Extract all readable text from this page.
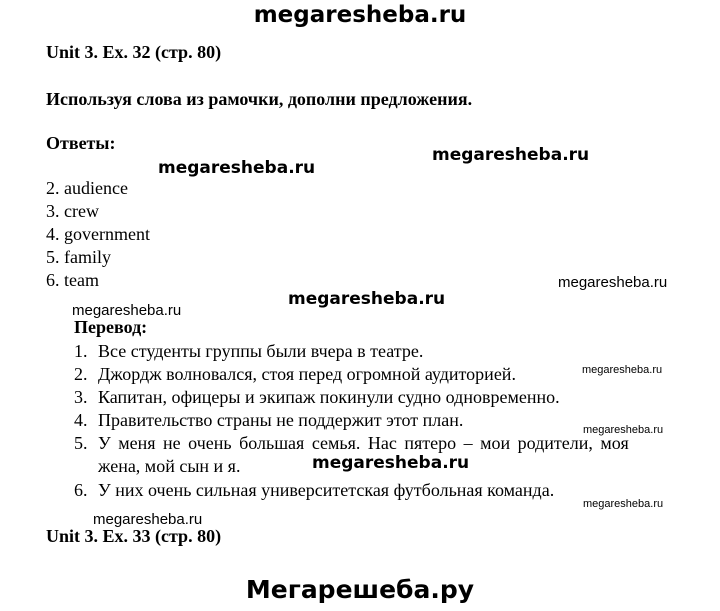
megaresheba.ru
Unit 3. Ex. 32 (стр. 80)
Используя слова из рамочки, дополни предложения.
Ответы:
2. audience
3. crew
4. government
5. family
6. team
Перевод:
1. Все студенты группы были вчера в театре.
2. Джордж волновался, стоя перед огромной аудиторией.
3. Капитан, офицеры и экипаж покинули судно одновременно.
4. Правительство страны не поддержит этот план.
5. У меня не очень большая семья. Нас пятеро – мои родители, моя
жена, мой сын и я.
6. У них очень сильная университетская футбольная команда.
Unit 3. Ex. 33 (стр. 80)
megaresheba.ru
megaresheba.ru
megaresheba.ru
megaresheba.ru
megaresheba.ru
megaresheba.ru
megaresheba.ru
megaresheba.ru
megaresheba.ru
megaresheba.ru
Мегарешеба.ру
